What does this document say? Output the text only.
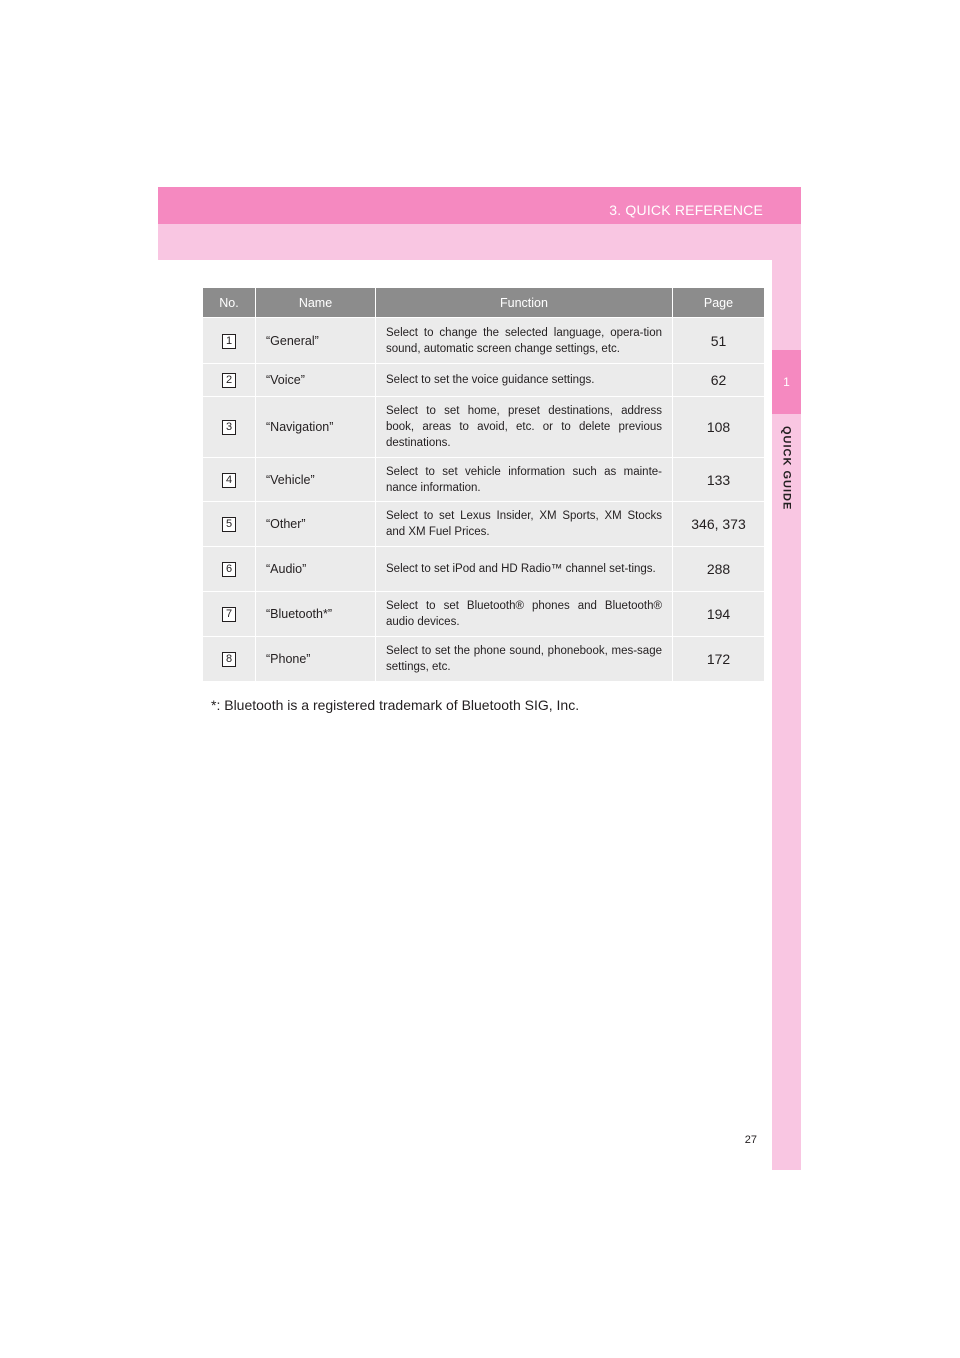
3. QUICK REFERENCE
1
QUICK GUIDE
No.	Name	Function	Page
1	“General”	Select to change the selected language, opera-tion sound, automatic screen change settings, etc.	51
2	“Voice”	Select to set the voice guidance settings.	62
3	“Navigation”	Select to set home, preset destinations, address book, areas to avoid, etc. or to delete previous destinations.	108
4	“Vehicle”	Select to set vehicle information such as mainte-nance information.	133
5	“Other”	Select to set Lexus Insider, XM Sports, XM Stocks and XM Fuel Prices.	346, 373
6	“Audio”	Select to set iPod and HD Radio™ channel set-tings.	288
7	“Bluetooth*”	Select to set Bluetooth® phones and Bluetooth® audio devices.	194
8	“Phone”	Select to set the phone sound, phonebook, mes-sage settings, etc.	172
*: Bluetooth is a registered trademark of Bluetooth SIG, Inc.
27
